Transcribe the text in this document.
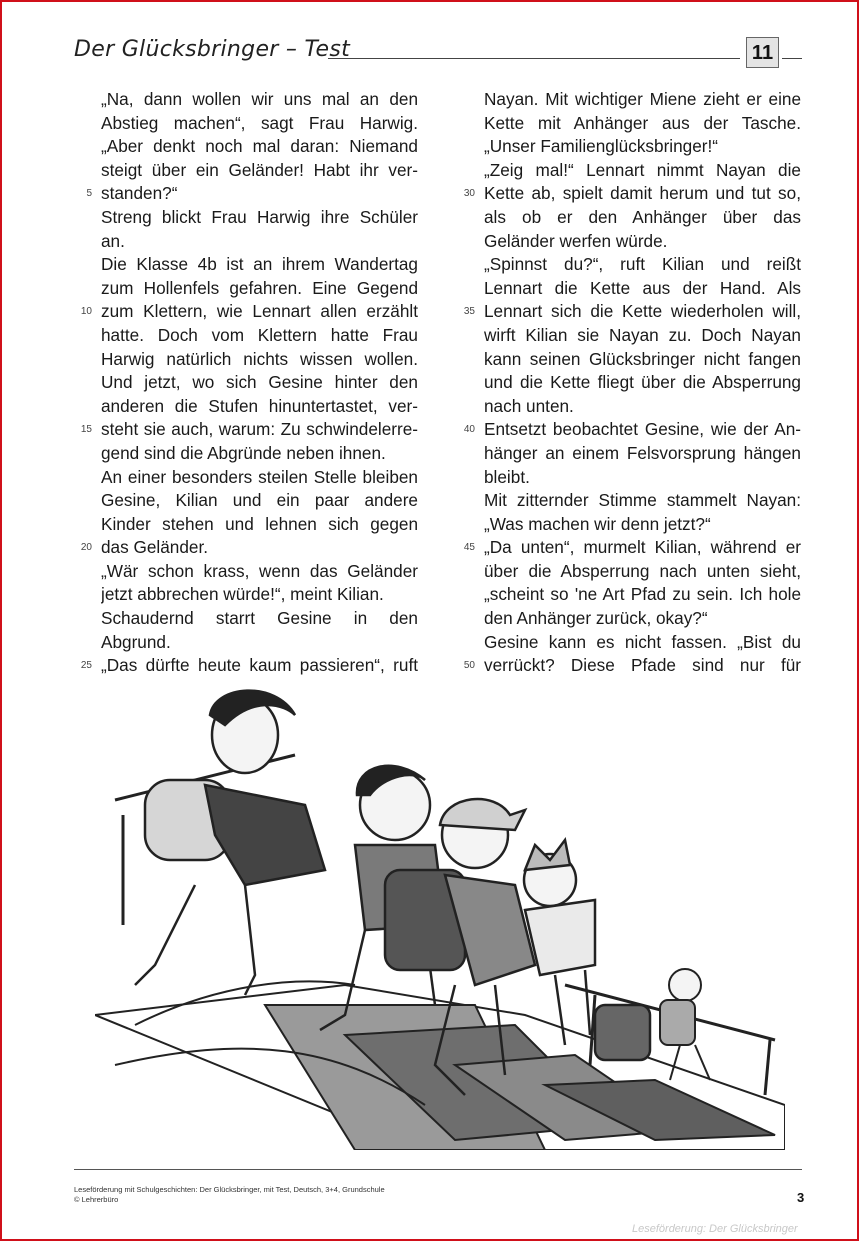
Der Glücksbringer – Test	11
„Na, dann wollen wir uns mal an den
Abstieg machen“, sagt Frau Harwig.
„Aber denkt noch mal daran: Niemand
steigt über ein Geländer! Habt ihr ver-
standen?“
Streng blickt Frau Harwig ihre Schüler
an.
Die Klasse 4b ist an ihrem Wandertag
zum Hollenfels gefahren. Eine Gegend
zum Klettern, wie Lennart allen erzählt
hatte. Doch vom Klettern hatte Frau
Harwig natürlich nichts wissen wollen.
Und jetzt, wo sich Gesine hinter den
anderen die Stufen hinuntertastet, ver-
steht sie auch, warum: Zu schwindelerre-
gend sind die Abgründe neben ihnen.
An einer besonders steilen Stelle bleiben
Gesine, Kilian und ein paar andere
Kinder stehen und lehnen sich gegen
das Geländer.
„Wär schon krass, wenn das Geländer
jetzt abbrechen würde!“, meint Kilian.
Schaudernd starrt Gesine in den
Abgrund.
„Das dürfte heute kaum passieren“, ruft
Nayan. Mit wichtiger Miene zieht er eine
Kette mit Anhänger aus der Tasche.
„Unser Familienglücksbringer!“
„Zeig mal!“ Lennart nimmt Nayan die
Kette ab, spielt damit herum und tut so,
als ob er den Anhänger über das
Geländer werfen würde.
„Spinnst du?“, ruft Kilian und reißt
Lennart die Kette aus der Hand. Als
Lennart sich die Kette wiederholen will,
wirft Kilian sie Nayan zu. Doch Nayan
kann seinen Glücksbringer nicht fangen
und die Kette fliegt über die Absperrung
nach unten.
Entsetzt beobachtet Gesine, wie der An-
hänger an einem Felsvorsprung hängen
bleibt.
Mit zitternder Stimme stammelt Nayan:
„Was machen wir denn jetzt?“
„Da unten“, murmelt Kilian, während er
über die Absperrung nach unten sieht,
„scheint so 'ne Art Pfad zu sein. Ich hole
den Anhänger zurück, okay?“
Gesine kann es nicht fassen. „Bist du
verrückt? Diese Pfade sind nur für
Leseförderung mit Schulgeschichten: Der Glücksbringer, mit Test, Deutsch, 3+4, Grundschule
© Lehrerbüro	3
Leseförderung: Der Glücksbringer
5
10
15
20
25
30
35
40
45
50
